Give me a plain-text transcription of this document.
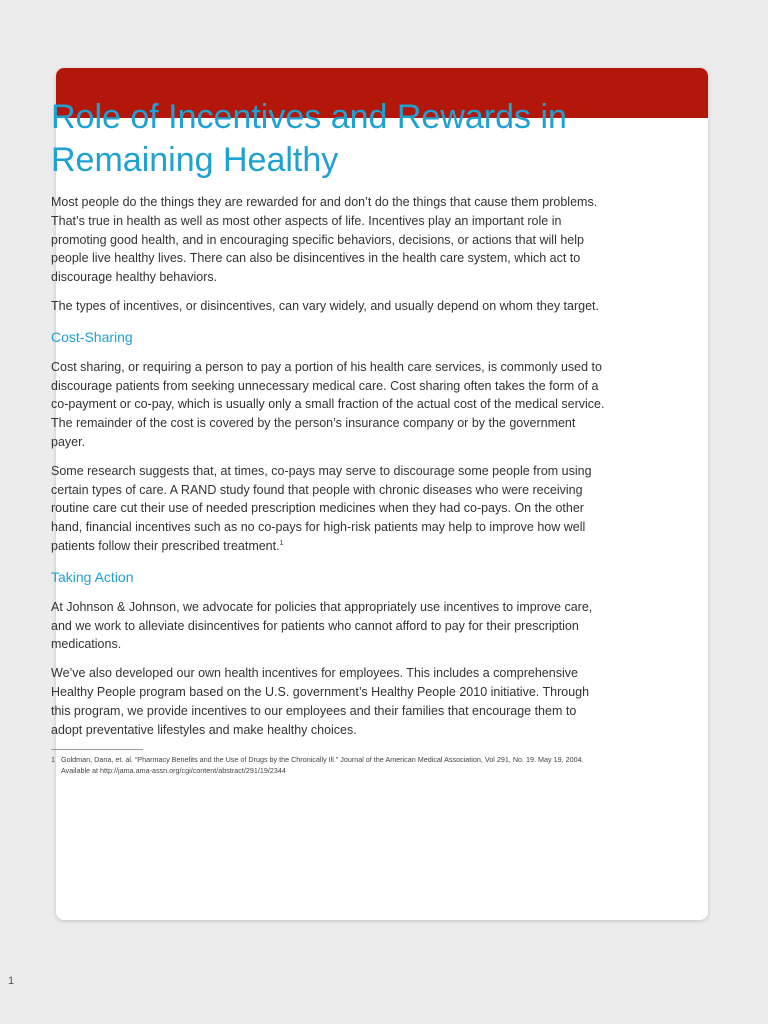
Role of Incentives and Rewards in Remaining Healthy

Most people do the things they are rewarded for and don’t do the things that cause them problems. That’s true in health as well as most other aspects of life. Incentives play an important role in promoting good health, and in encouraging specific behaviors, decisions, or actions that will help people live healthy lives. There can also be disincentives in the health care system, which act to discourage healthy behaviors.

The types of incentives, or disincentives, can vary widely, and usually depend on whom they target.

Cost-Sharing

Cost sharing, or requiring a person to pay a portion of his health care services, is commonly used to discourage patients from seeking unnecessary medical care. Cost sharing often takes the form of a co-payment or co-pay, which is usually only a small fraction of the actual cost of the medical service. The remainder of the cost is covered by the person’s insurance company or by the government payer.

Some research suggests that, at times, co-pays may serve to discourage some people from using certain types of care. A RAND study found that people with chronic diseases who were receiving routine care cut their use of needed prescription medicines when they had co-pays. On the other hand, financial incentives such as no co-pays for high-risk patients may help to improve how well patients follow their prescribed treatment.$^1$

Taking Action

At Johnson & Johnson, we advocate for policies that appropriately use incentives to improve care, and we work to alleviate disincentives for patients who cannot afford to pay for their prescription medications.

We’ve also developed our own health incentives for employees. This includes a comprehensive Healthy People program based on the U.S. government’s Healthy People 2010 initiative. Through this program, we provide incentives to our employees and their families that encourage them to adopt preventative lifestyles and make healthy choices.

1 Goldman, Dana, et. al. “Pharmacy Benefits and the Use of Drugs by the Chronically Ill.” Journal of the American Medical Association, Vol 291, No. 19. May 19, 2004. Available at http://jama.ama-assn.org/cgi/content/abstract/291/19/2344
1
